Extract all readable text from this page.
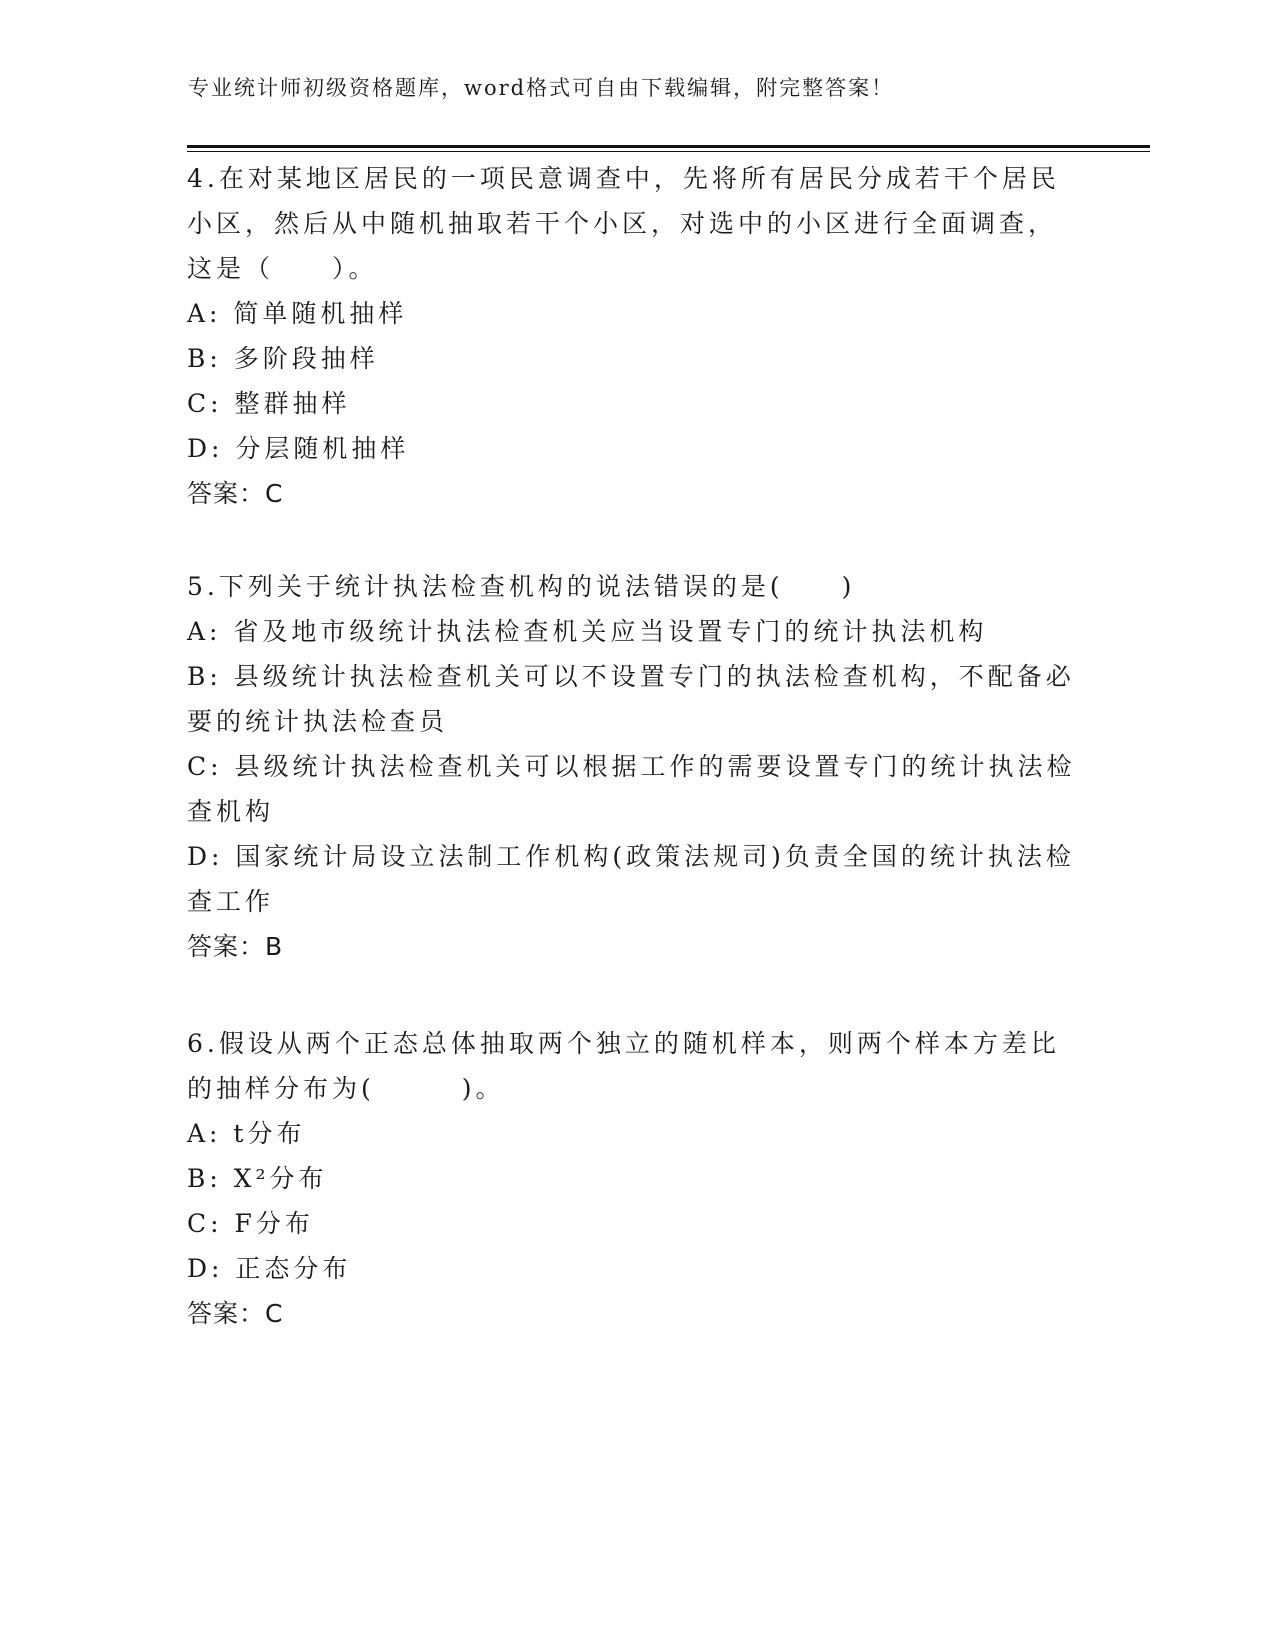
专业统计师初级资格题库，word格式可自由下载编辑，附完整答案！
4.在对某地区居民的一项民意调查中，先将所有居民分成若干个居民
小区，然后从中随机抽取若干个小区，对选中的小区进行全面调查，
这是（　　）。
A: 简单随机抽样
B: 多阶段抽样
C: 整群抽样
D: 分层随机抽样
答案：C
5.下列关于统计执法检查机构的说法错误的是(　　)
A: 省及地市级统计执法检查机关应当设置专门的统计执法机构
B: 县级统计执法检查机关可以不设置专门的执法检查机构，不配备必
要的统计执法检查员
C: 县级统计执法检查机关可以根据工作的需要设置专门的统计执法检
查机构
D: 国家统计局设立法制工作机构(政策法规司)负责全国的统计执法检
查工作
答案：B
6.假设从两个正态总体抽取两个独立的随机样本，则两个样本方差比
的抽样分布为(　　　)。
A: t分布
B: X²分布
C: F分布
D: 正态分布
答案：C
